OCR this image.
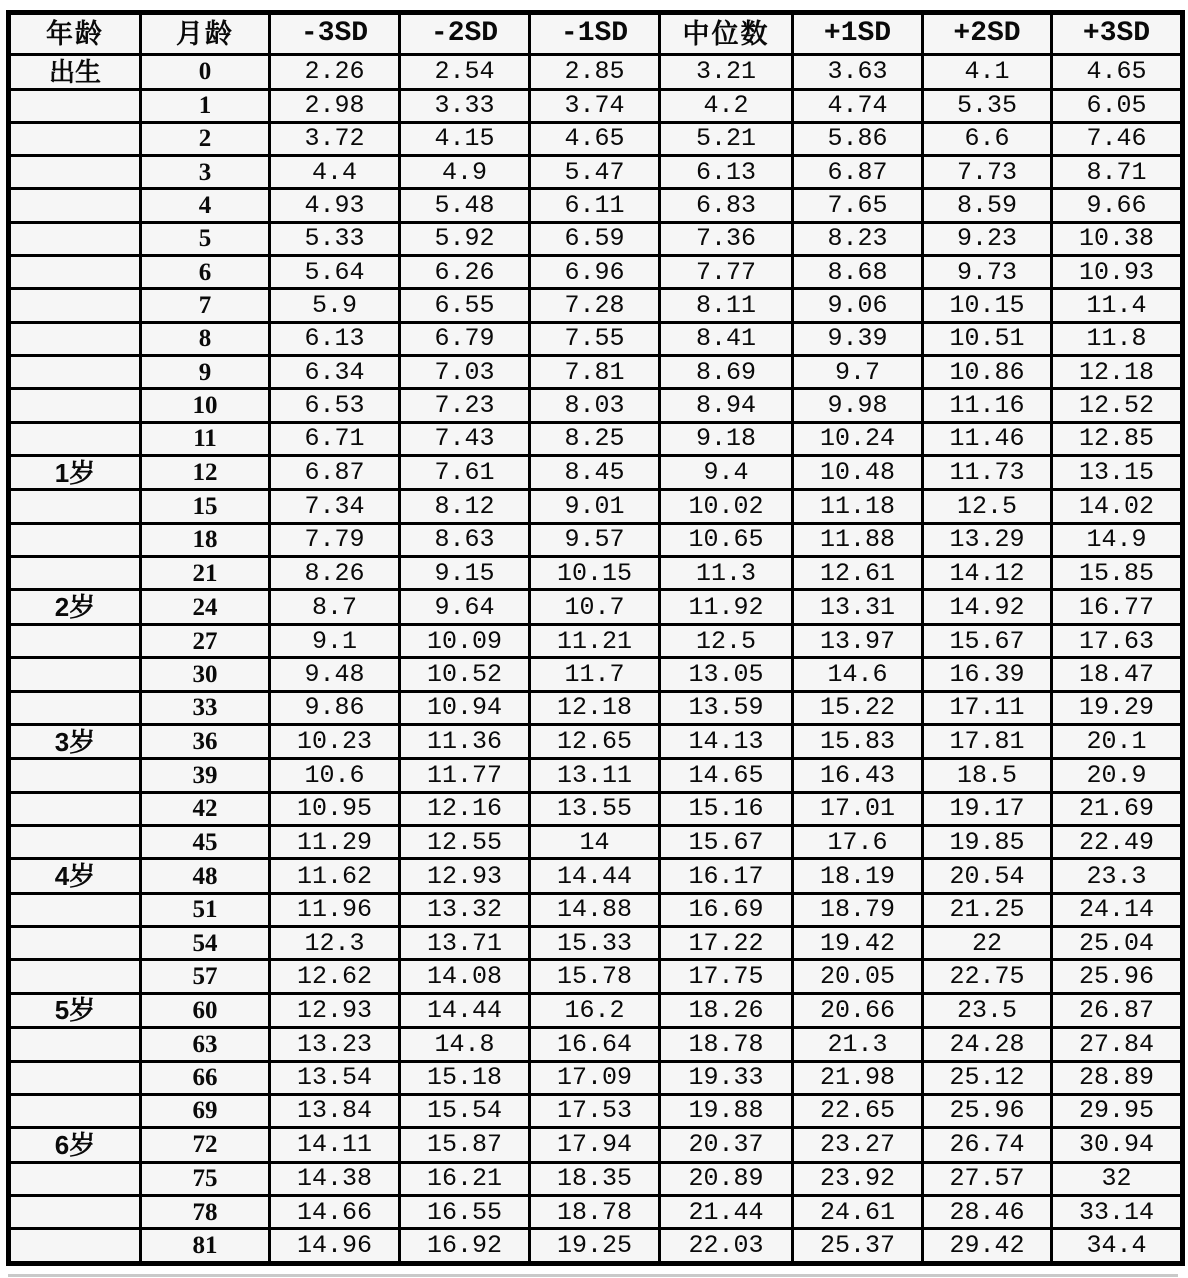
年龄	月龄	-3SD	-2SD	-1SD	中位数	+1SD	+2SD	+3SD
出生	0	2.26	2.54	2.85	3.21	3.63	4.1	4.65
	1	2.98	3.33	3.74	4.2	4.74	5.35	6.05
	2	3.72	4.15	4.65	5.21	5.86	6.6	7.46
	3	4.4	4.9	5.47	6.13	6.87	7.73	8.71
	4	4.93	5.48	6.11	6.83	7.65	8.59	9.66
	5	5.33	5.92	6.59	7.36	8.23	9.23	10.38
	6	5.64	6.26	6.96	7.77	8.68	9.73	10.93
	7	5.9	6.55	7.28	8.11	9.06	10.15	11.4
	8	6.13	6.79	7.55	8.41	9.39	10.51	11.8
	9	6.34	7.03	7.81	8.69	9.7	10.86	12.18
	10	6.53	7.23	8.03	8.94	9.98	11.16	12.52
	11	6.71	7.43	8.25	9.18	10.24	11.46	12.85
1岁	12	6.87	7.61	8.45	9.4	10.48	11.73	13.15
	15	7.34	8.12	9.01	10.02	11.18	12.5	14.02
	18	7.79	8.63	9.57	10.65	11.88	13.29	14.9
	21	8.26	9.15	10.15	11.3	12.61	14.12	15.85
2岁	24	8.7	9.64	10.7	11.92	13.31	14.92	16.77
	27	9.1	10.09	11.21	12.5	13.97	15.67	17.63
	30	9.48	10.52	11.7	13.05	14.6	16.39	18.47
	33	9.86	10.94	12.18	13.59	15.22	17.11	19.29
3岁	36	10.23	11.36	12.65	14.13	15.83	17.81	20.1
	39	10.6	11.77	13.11	14.65	16.43	18.5	20.9
	42	10.95	12.16	13.55	15.16	17.01	19.17	21.69
	45	11.29	12.55	14	15.67	17.6	19.85	22.49
4岁	48	11.62	12.93	14.44	16.17	18.19	20.54	23.3
	51	11.96	13.32	14.88	16.69	18.79	21.25	24.14
	54	12.3	13.71	15.33	17.22	19.42	22	25.04
	57	12.62	14.08	15.78	17.75	20.05	22.75	25.96
5岁	60	12.93	14.44	16.2	18.26	20.66	23.5	26.87
	63	13.23	14.8	16.64	18.78	21.3	24.28	27.84
	66	13.54	15.18	17.09	19.33	21.98	25.12	28.89
	69	13.84	15.54	17.53	19.88	22.65	25.96	29.95
6岁	72	14.11	15.87	17.94	20.37	23.27	26.74	30.94
	75	14.38	16.21	18.35	20.89	23.92	27.57	32
	78	14.66	16.55	18.78	21.44	24.61	28.46	33.14
	81	14.96	16.92	19.25	22.03	25.37	29.42	34.4
